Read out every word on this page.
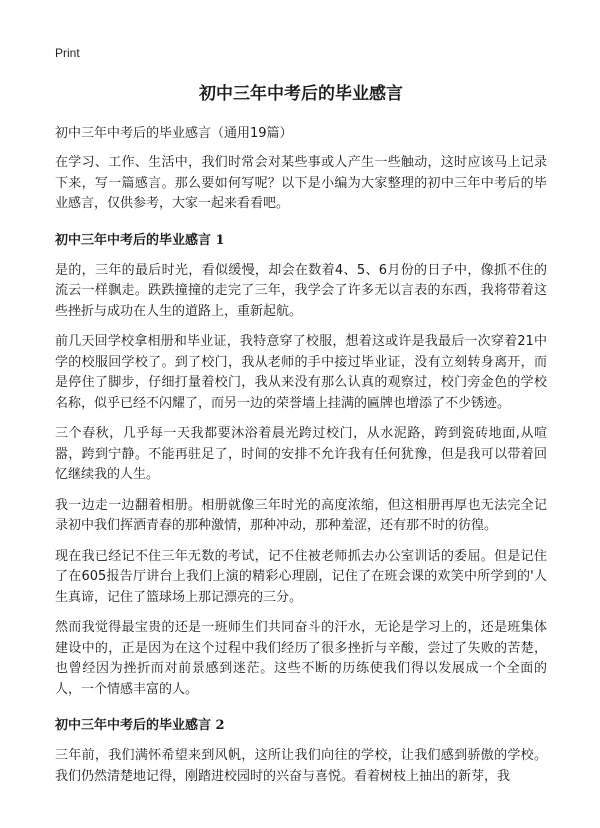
Print
初中三年中考后的毕业感言
初中三年中考后的毕业感言（通用19篇）

在学习、工作、生活中，我们时常会对某些事或人产生一些触动，这时应该马上记录下来，写一篇感言。那么要如何写呢？以下是小编为大家整理的初中三年中考后的毕业感言，仅供参考，大家一起来看看吧。

初中三年中考后的毕业感言 1

是的，三年的最后时光，看似缓慢，却会在数着4、5、6月份的日子中，像抓不住的流云一样飘走。跌跌撞撞的走完了三年，我学会了许多无以言表的东西，我将带着这些挫折与成功在人生的道路上，重新起航。

前几天回学校拿相册和毕业证，我特意穿了校服，想着这或许是我最后一次穿着21中学的校服回学校了。到了校门，我从老师的手中接过毕业证，没有立刻转身离开，而是停住了脚步，仔细打量着校门，我从来没有那么认真的观察过，校门旁金色的学校名称，似乎已经不闪耀了，而另一边的荣誉墙上挂满的匾牌也增添了不少锈迹。

三个春秋，几乎每一天我都要沐浴着晨光跨过校门，从水泥路，跨到瓷砖地面,从喧嚣，跨到宁静。不能再驻足了，时间的安排不允许我有任何犹豫，但是我可以带着回忆继续我的人生。

我一边走一边翻着相册。相册就像三年时光的高度浓缩，但这相册再厚也无法完全记录初中我们挥洒青春的那种激情，那种冲动，那种羞涩，还有那不时的彷徨。

现在我已经记不住三年无数的考试，记不住被老师抓去办公室训话的委屈。但是记住了在605报告厅讲台上我们上演的精彩心理剧，记住了在班会课的欢笑中所学到的'人生真谛，记住了篮球场上那记漂亮的三分。

然而我觉得最宝贵的还是一班师生们共同奋斗的汗水，无论是学习上的，还是班集体建设中的，正是因为在这个过程中我们经历了很多挫折与辛酸，尝过了失败的苦楚，也曾经因为挫折而对前景感到迷茫。这些不断的历练使我们得以发展成一个全面的人，一个情感丰富的人。

初中三年中考后的毕业感言 2

三年前，我们满怀希望来到风帆，这所让我们向往的学校，让我们感到骄傲的学校。我们仍然清楚地记得，刚踏进校园时的兴奋与喜悦。看着树枝上抽出的新芽，我
